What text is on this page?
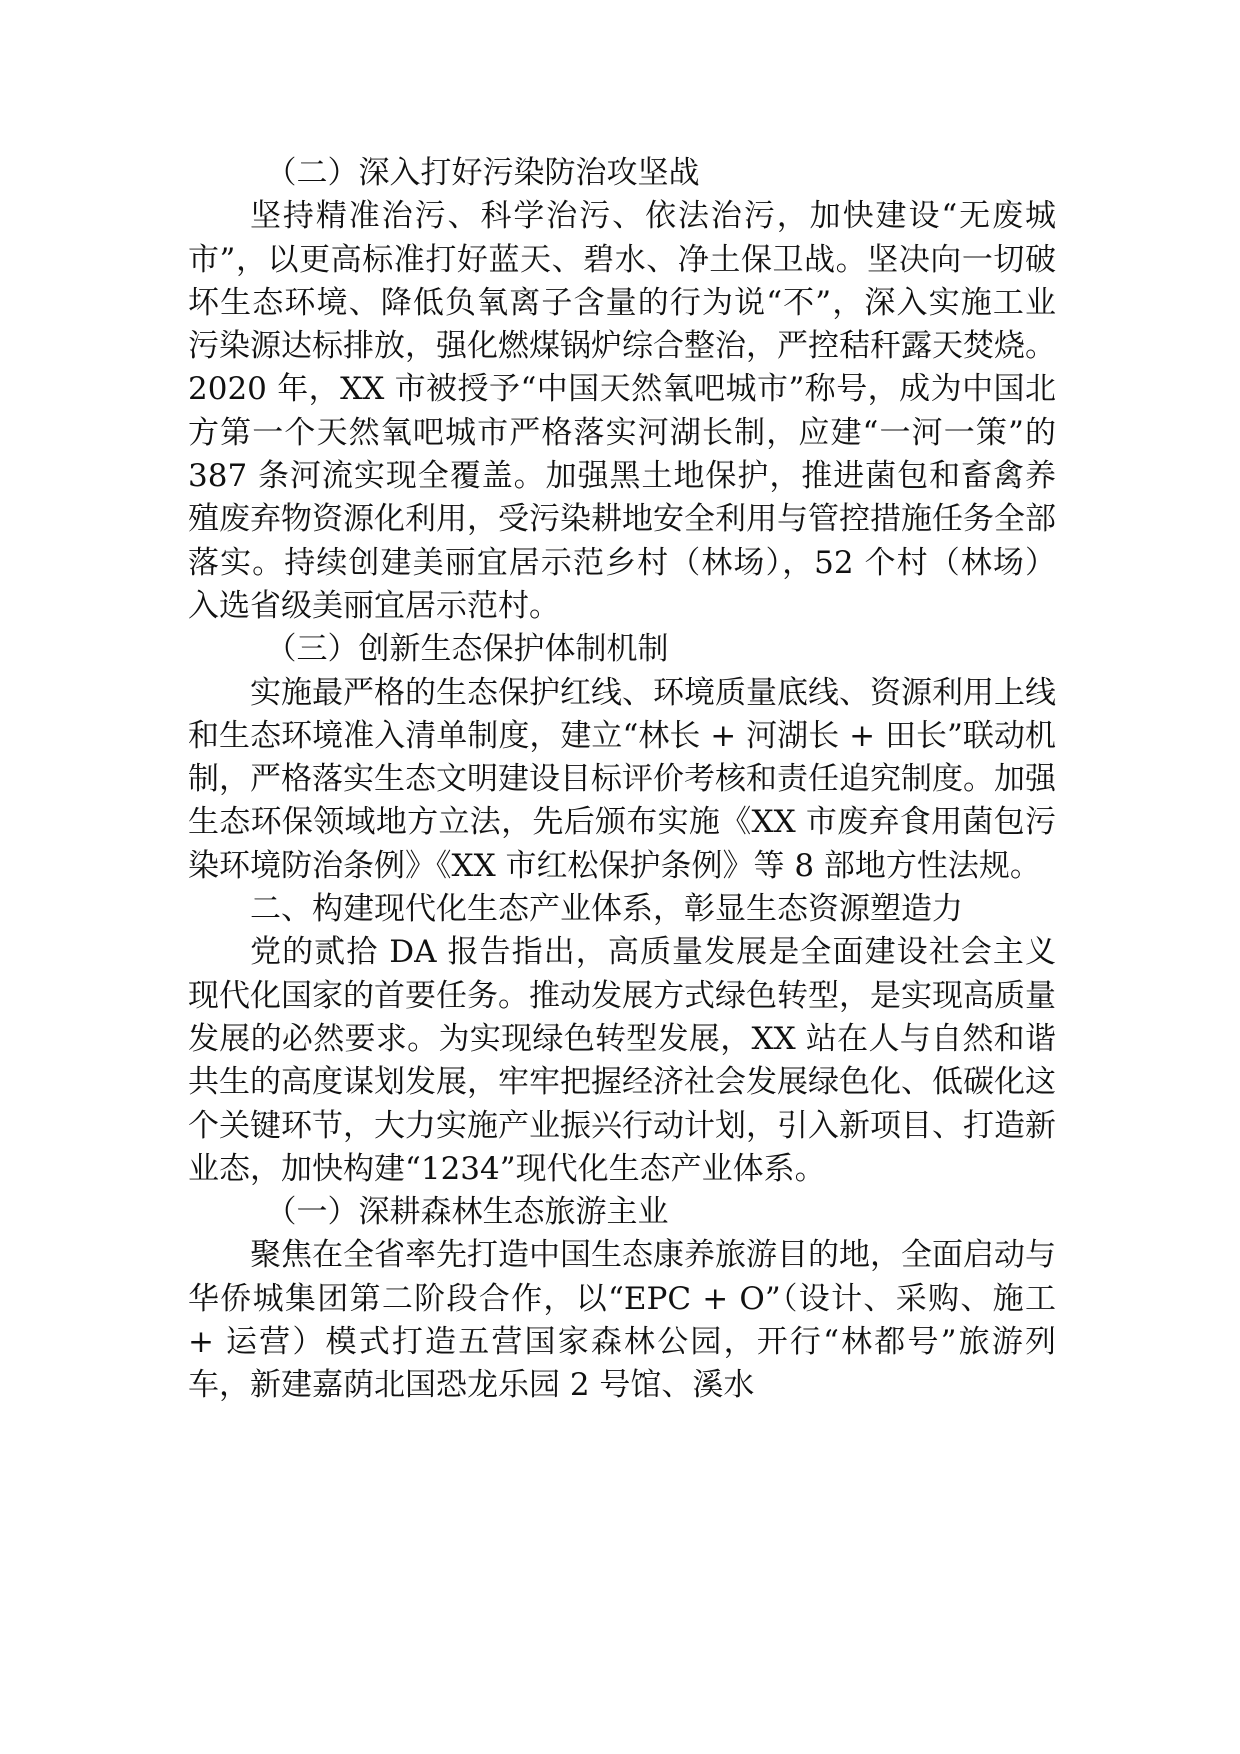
（二）深入打好污染防治攻坚战

坚持精准治污、科学治污、依法治污，加快建设“无废城市”，以更高标准打好蓝天、碧水、净土保卫战。坚决向一切破坏生态环境、降低负氧离子含量的行为说“不”，深入实施工业污染源达标排放，强化燃煤锅炉综合整治，严控秸秆露天焚烧。2020 年，XX 市被授予“中国天然氧吧城市”称号，成为中国北方第一个天然氧吧城市严格落实河湖长制，应建“一河一策”的 387 条河流实现全覆盖。加强黑土地保护，推进菌包和畜禽养殖废弃物资源化利用，受污染耕地安全利用与管控措施任务全部落实。持续创建美丽宜居示范乡村（林场），52 个村（林场）入选省级美丽宜居示范村。

（三）创新生态保护体制机制

实施最严格的生态保护红线、环境质量底线、资源利用上线和生态环境准入清单制度，建立“林长 + 河湖长 + 田长”联动机制，严格落实生态文明建设目标评价考核和责任追究制度。加强生态环保领域地方立法，先后颁布实施《XX 市废弃食用菌包污染环境防治条例》《XX 市红松保护条例》等 8 部地方性法规。

二、构建现代化生态产业体系，彰显生态资源塑造力

党的贰拾 DA 报告指出，高质量发展是全面建设社会主义现代化国家的首要任务。推动发展方式绿色转型，是实现高质量发展的必然要求。为实现绿色转型发展，XX 站在人与自然和谐共生的高度谋划发展，牢牢把握经济社会发展绿色化、低碳化这个关键环节，大力实施产业振兴行动计划，引入新项目、打造新业态，加快构建“1234”现代化生态产业体系。

（一）深耕森林生态旅游主业

聚焦在全省率先打造中国生态康养旅游目的地，全面启动与华侨城集团第二阶段合作，以“EPC + O”（设计、采购、施工 + 运营）模式打造五营国家森林公园，开行“林都号”旅游列车，新建嘉荫北国恐龙乐园 2 号馆、溪水
